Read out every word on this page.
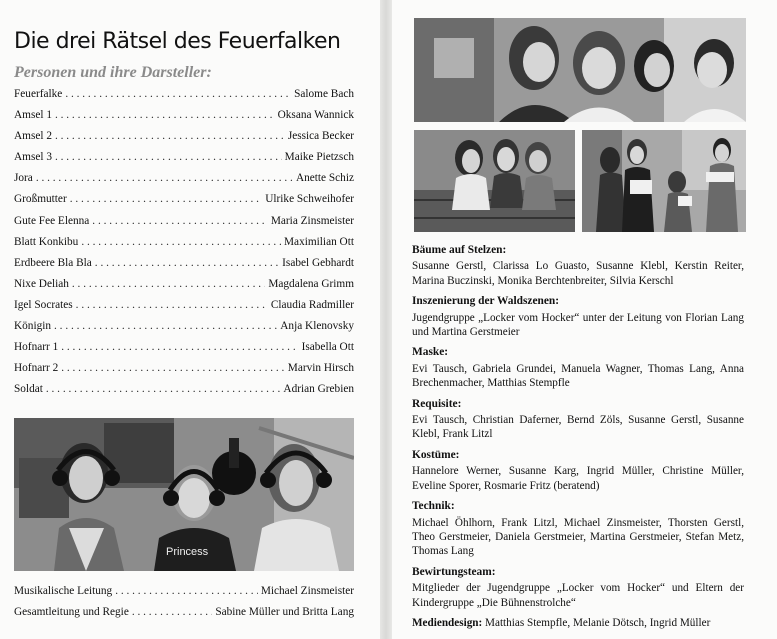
Die drei Rätsel des Feuerfalken
Personen und ihre Darsteller:
Feuerfalke . . .	Salome Bach
Amsel 1 . . .	Oksana Wannick
Amsel 2 . . .	Jessica Becker
Amsel 3 . . .	Maike Pietzsch
Jora . . .	Anette Schiz
Großmutter . . .	Ulrike Schweihofer
Gute Fee Elenna . . .	Maria Zinsmeister
Blatt Konkibu . . .	Maximilian Ott
Erdbeere Bla Bla . . .	Isabel Gebhardt
Nixe Deliah . . .	Magdalena Grimm
Igel Socrates . . .	Claudia Radmiller
Königin . . .	Anja Klenovsky
Hofnarr 1 . . .	Isabella Ott
Hofnarr 2 . . .	Marvin Hirsch
Soldat . . .	Adrian Grebien
Princess
Musikalische Leitung . . .	Michael Zinsmeister
Gesamtleitung und Regie . . .	Sabine Müller und Britta Lang
Bäume auf Stelzen:

Susanne Gerstl, Clarissa Lo Guasto, Susanne Klebl, Kerstin Reiter, Marina Buczinski, Monika Berchtenbreiter, Silvia Kerschl

Inszenierung der Waldszenen:

Jugendgruppe „Locker vom Hocker“ unter der Leitung von Florian Lang und Martina Gerstmeier

Maske:

Evi Tausch, Gabriela Grundei, Manuela Wagner, Thomas Lang, Anna Brechenmacher, Matthias Stempfle

Requisite:

Evi Tausch, Christian Daferner, Bernd Zöls, Susanne Gerstl, Susanne Klebl, Frank Litzl

Kostüme:

Hannelore Werner, Susanne Karg, Ingrid Müller, Christine Müller, Eveline Sporer, Rosmarie Fritz (beratend)

Technik:

Michael Öhlhorn, Frank Litzl, Michael Zinsmeister, Thorsten Gerstl, Theo Gerstmeier, Daniela Gerstmeier, Martina Gerstmeier, Stefan Metz, Thomas Lang

Bewirtungsteam:

Mitglieder der Jugendgruppe „Locker vom Hocker“ und Eltern der Kindergruppe „Die Bühnenstrolche“

Mediendesign: Matthias Stempfle, Melanie Dötsch, Ingrid Müller
